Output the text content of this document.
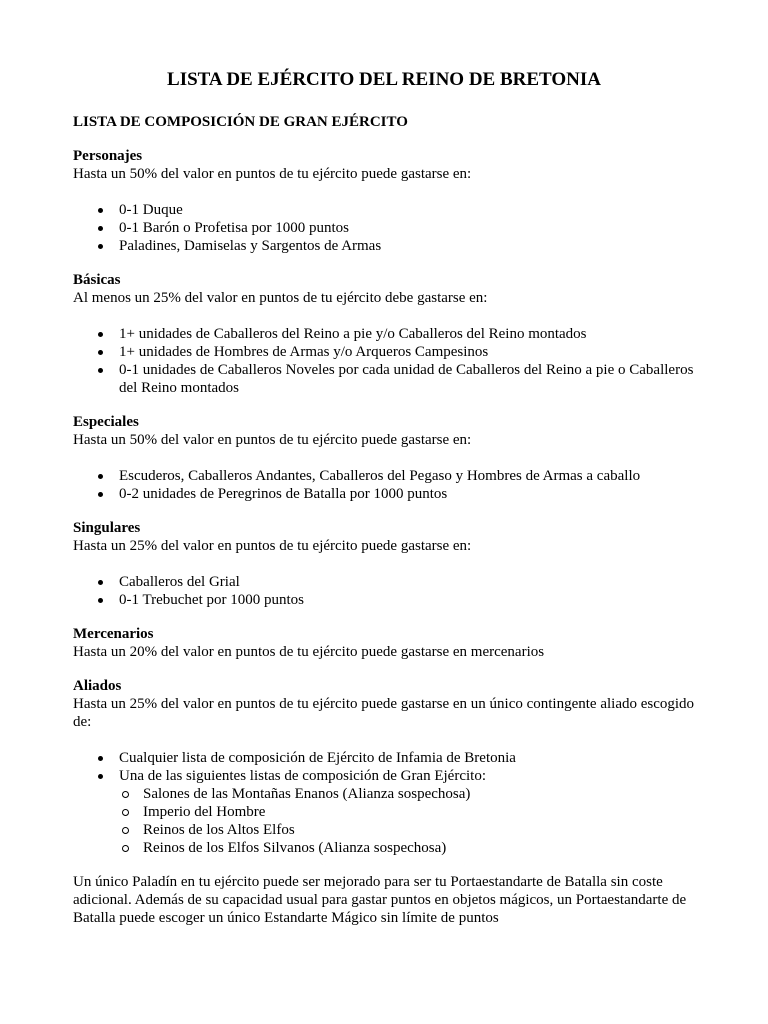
LISTA DE EJÉRCITO DEL REINO DE BRETONIA
LISTA DE COMPOSICIÓN DE GRAN EJÉRCITO
Personajes
Hasta un 50% del valor en puntos de tu ejército puede gastarse en:
0-1 Duque
0-1 Barón o Profetisa por 1000 puntos
Paladines, Damiselas y Sargentos de Armas
Básicas
Al menos un 25% del valor en puntos de tu ejército debe gastarse en:
1+ unidades de Caballeros del Reino a pie y/o Caballeros del Reino montados
1+ unidades de Hombres de Armas y/o Arqueros Campesinos
0-1 unidades de Caballeros Noveles por cada unidad de Caballeros del Reino a pie o Caballeros del Reino montados
Especiales
Hasta un 50% del valor en puntos de tu ejército puede gastarse en:
Escuderos, Caballeros Andantes, Caballeros del Pegaso y Hombres de Armas a caballo
0-2 unidades de Peregrinos de Batalla por 1000 puntos
Singulares
Hasta un 25% del valor en puntos de tu ejército puede gastarse en:
Caballeros del Grial
0-1 Trebuchet por 1000 puntos
Mercenarios
Hasta un 20% del valor en puntos de tu ejército puede gastarse en mercenarios
Aliados
Hasta un 25% del valor en puntos de tu ejército puede gastarse en un único contingente aliado escogido de:
Cualquier lista de composición de Ejército de Infamia de Bretonia
Una de las siguientes listas de composición de Gran Ejército:
Salones de las Montañas Enanos (Alianza sospechosa)
Imperio del Hombre
Reinos de los Altos Elfos
Reinos de los Elfos Silvanos (Alianza sospechosa)
Un único Paladín en tu ejército puede ser mejorado para ser tu Portaestandarte de Batalla sin coste adicional. Además de su capacidad usual para gastar puntos en objetos mágicos, un Portaestandarte de Batalla puede escoger un único Estandarte Mágico sin límite de puntos
